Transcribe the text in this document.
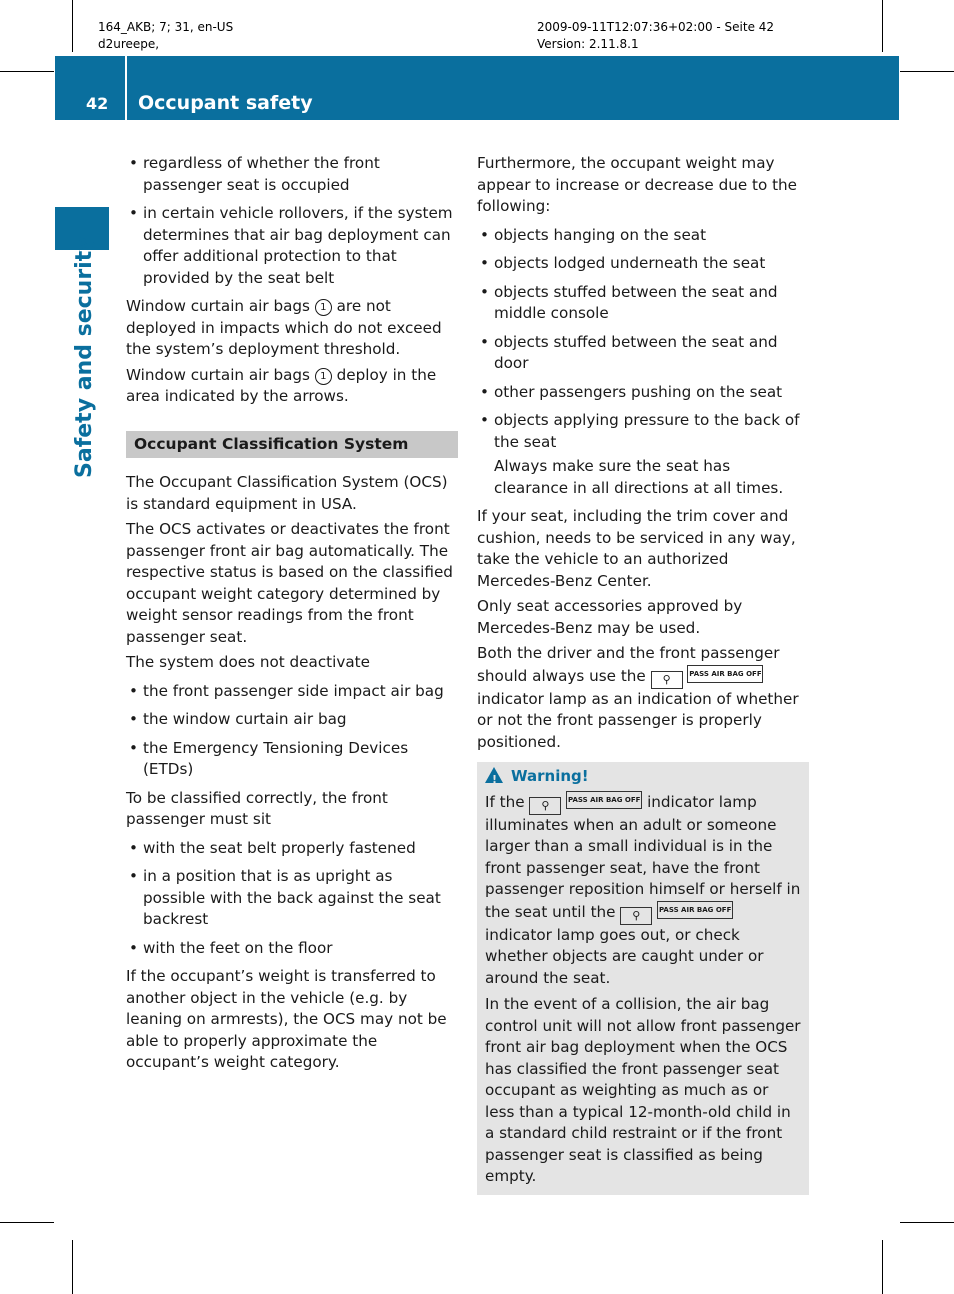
164_AKB; 7; 31, en-US
d2ureepe,
2009-09-11T12:07:36+02:00 - Seite 42
Version: 2.11.8.1
42 Occupant safety
Safety and security
• regardless of whether the front passenger seat is occupied
• in certain vehicle rollovers, if the system determines that air bag deployment can offer additional protection to that provided by the seat belt

Window curtain air bags 1 are not deployed in impacts which do not exceed the system’s deployment threshold.

Window curtain air bags 1 deploy in the area indicated by the arrows.

Occupant Classification System

The Occupant Classification System (OCS) is standard equipment in USA.

The OCS activates or deactivates the front passenger front air bag automatically. The respective status is based on the classified occupant weight category determined by weight sensor readings from the front passenger seat.

The system does not deactivate

• the front passenger side impact air bag
• the window curtain air bag
• the Emergency Tensioning Devices (ETDs)

To be classified correctly, the front passenger must sit

• with the seat belt properly fastened
• in a position that is as upright as possible with the back against the seat backrest
• with the feet on the floor

If the occupant’s weight is transferred to another object in the vehicle (e.g. by leaning on armrests), the OCS may not be able to properly approximate the occupant’s weight category.

Furthermore, the occupant weight may appear to increase or decrease due to the following:

• objects hanging on the seat
• objects lodged underneath the seat
• objects stuffed between the seat and middle console
• objects stuffed between the seat and door
• other passengers pushing on the seat
• objects applying pressure to the back of the seat
Always make sure the seat has clearance in all directions at all times.

If your seat, including the trim cover and cushion, needs to be serviced in any way, take the vehicle to an authorized Mercedes-Benz Center.

Only seat accessories approved by Mercedes-Benz may be used.

Both the driver and the front passenger should always use the ⚲	PASS AIR BAG OFF indicator lamp as an indication of whether or not the front passenger is properly positioned.

!Warning!

If the ⚲	PASS AIR BAG OFF indicator lamp illuminates when an adult or someone larger than a small individual is in the front passenger seat, have the front passenger reposition himself or herself in the seat until the ⚲	PASS AIR BAG OFF indicator lamp goes out, or check whether objects are caught under or around the seat.

In the event of a collision, the air bag control unit will not allow front passenger front air bag deployment when the OCS has classified the front passenger seat occupant as weighting as much as or less than a typical 12-month-old child in a standard child restraint or if the front passenger seat is classified as being empty.
